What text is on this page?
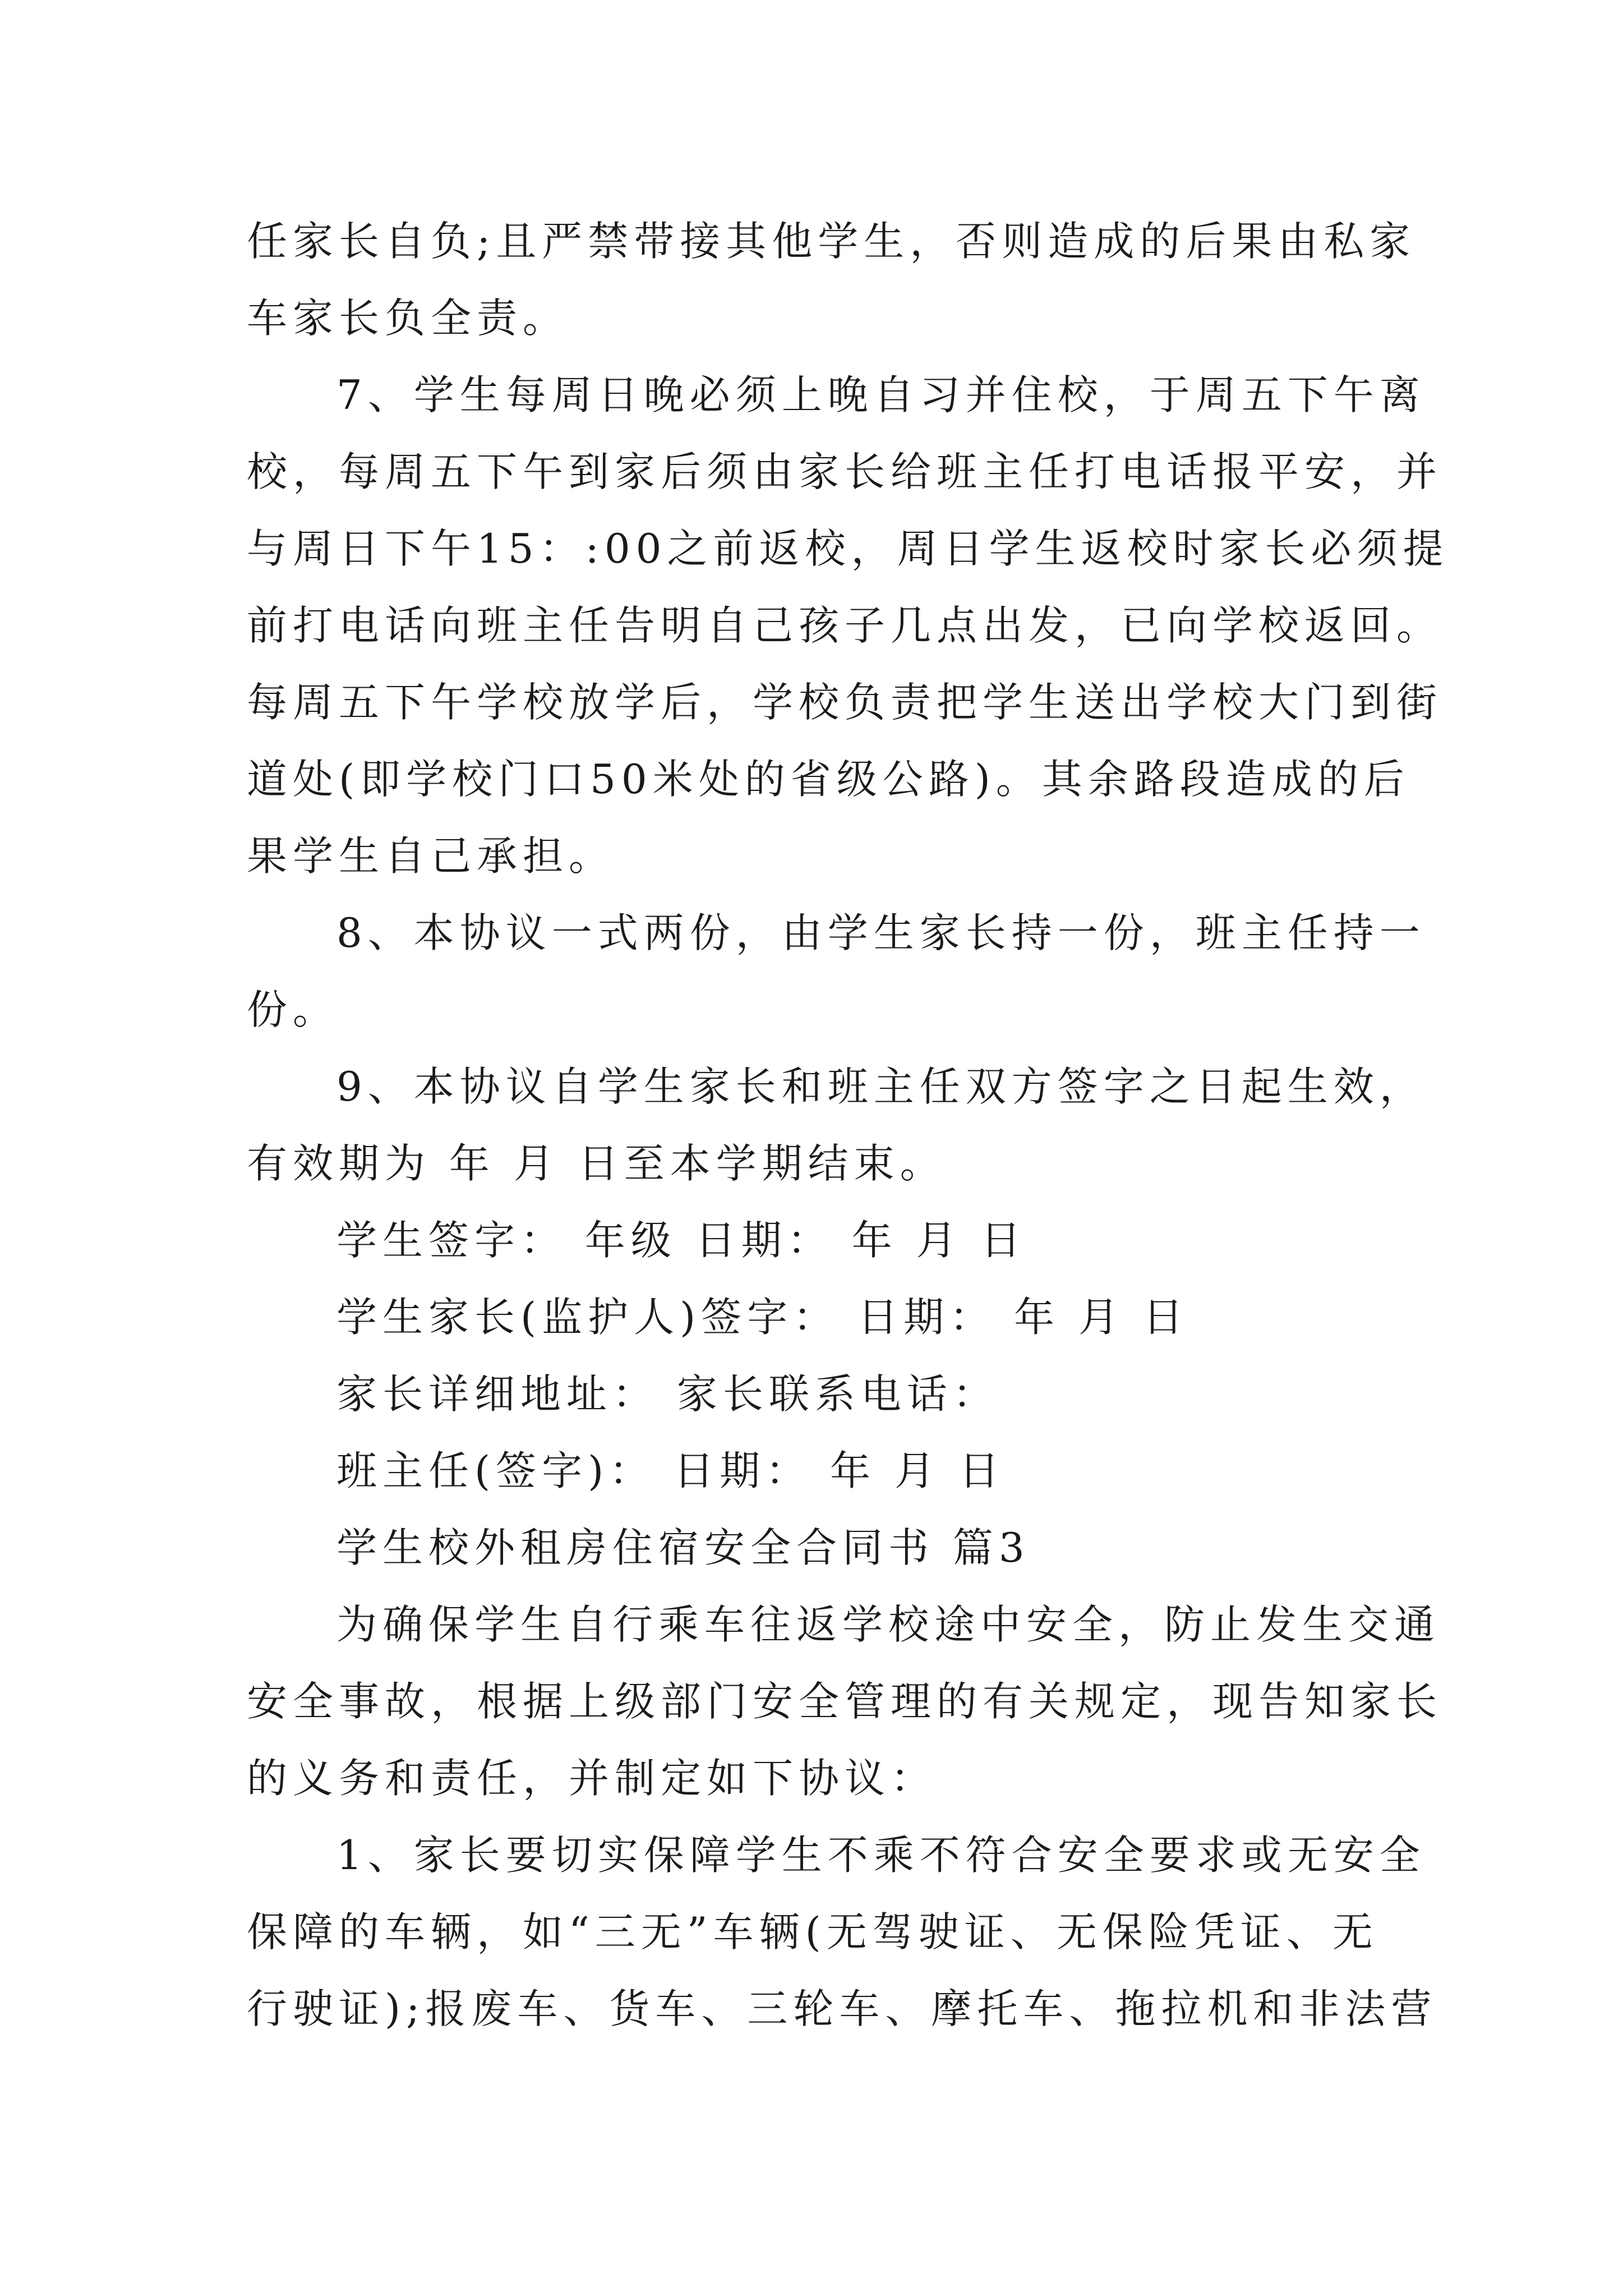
任家长自负;且严禁带接其他学生，否则造成的后果由私家
车家长负全责。
7、学生每周日晚必须上晚自习并住校，于周五下午离
校，每周五下午到家后须由家长给班主任打电话报平安，并
与周日下午15：:00之前返校，周日学生返校时家长必须提
前打电话向班主任告明自己孩子几点出发，已向学校返回。
每周五下午学校放学后，学校负责把学生送出学校大门到街
道处(即学校门口50米处的省级公路)。其余路段造成的后
果学生自己承担。
8、本协议一式两份，由学生家长持一份，班主任持一
份。
9、本协议自学生家长和班主任双方签字之日起生效，
有效期为 年 月 日至本学期结束。
学生签字： 年级 日期： 年 月 日
学生家长(监护人)签字： 日期： 年 月 日
家长详细地址： 家长联系电话：
班主任(签字)： 日期： 年 月 日
学生校外租房住宿安全合同书 篇3
为确保学生自行乘车往返学校途中安全，防止发生交通
安全事故，根据上级部门安全管理的有关规定，现告知家长
的义务和责任，并制定如下协议：
1、家长要切实保障学生不乘不符合安全要求或无安全
保障的车辆，如“三无”车辆(无驾驶证、无保险凭证、无
行驶证);报废车、货车、三轮车、摩托车、拖拉机和非法营
